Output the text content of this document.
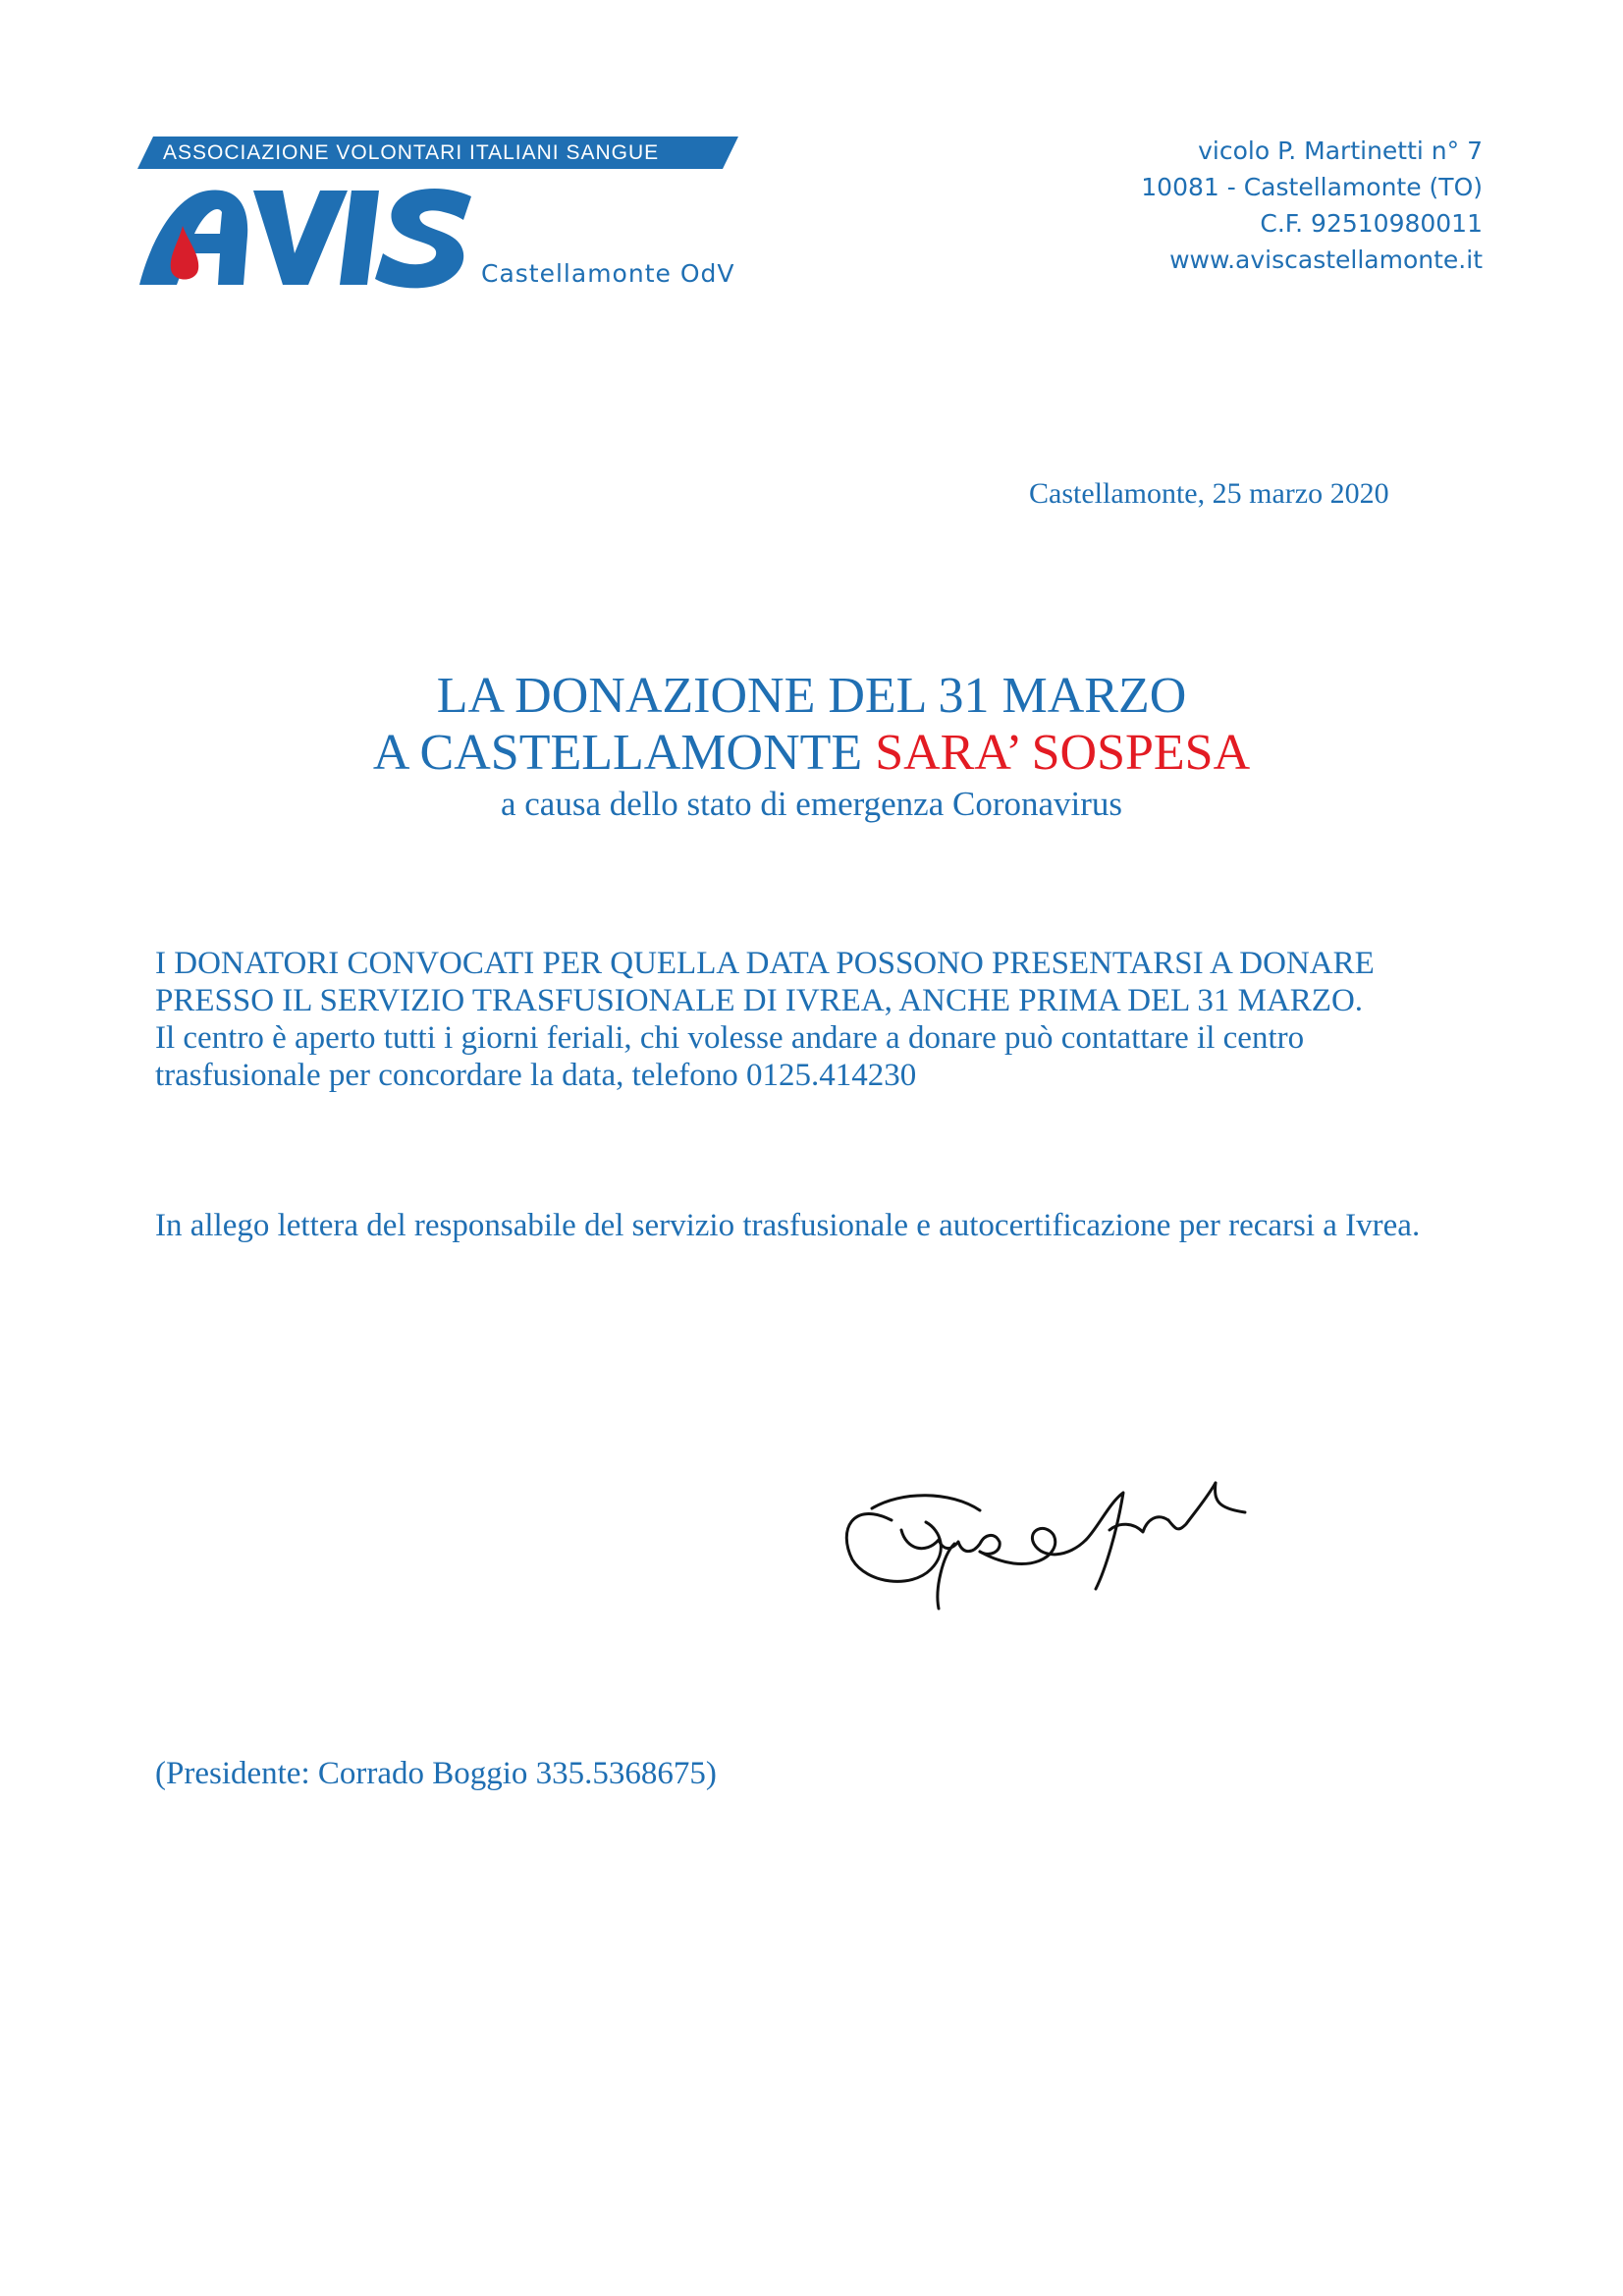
ASSOCIAZIONE VOLONTARI ITALIANI SANGUE
Castellamonte OdV
vicolo P. Martinetti n° 7
10081 - Castellamonte (TO)
C.F. 92510980011
www.aviscastellamonte.it
Castellamonte, 25 marzo 2020
LA DONAZIONE DEL 31 MARZO
A CASTELLAMONTE SARA’ SOSPESA
a causa dello stato di emergenza Coronavirus
I DONATORI CONVOCATI PER QUELLA DATA POSSONO PRESENTARSI A DONARE PRESSO IL SERVIZIO TRASFUSIONALE DI IVREA, ANCHE PRIMA DEL 31 MARZO.
Il centro è aperto tutti i giorni feriali, chi volesse andare a donare può contattare il centro trasfusionale per concordare la data, telefono 0125.414230
In allego lettera del responsabile del servizio trasfusionale e autocertificazione per recarsi a Ivrea.
(Presidente: Corrado Boggio 335.5368675)
